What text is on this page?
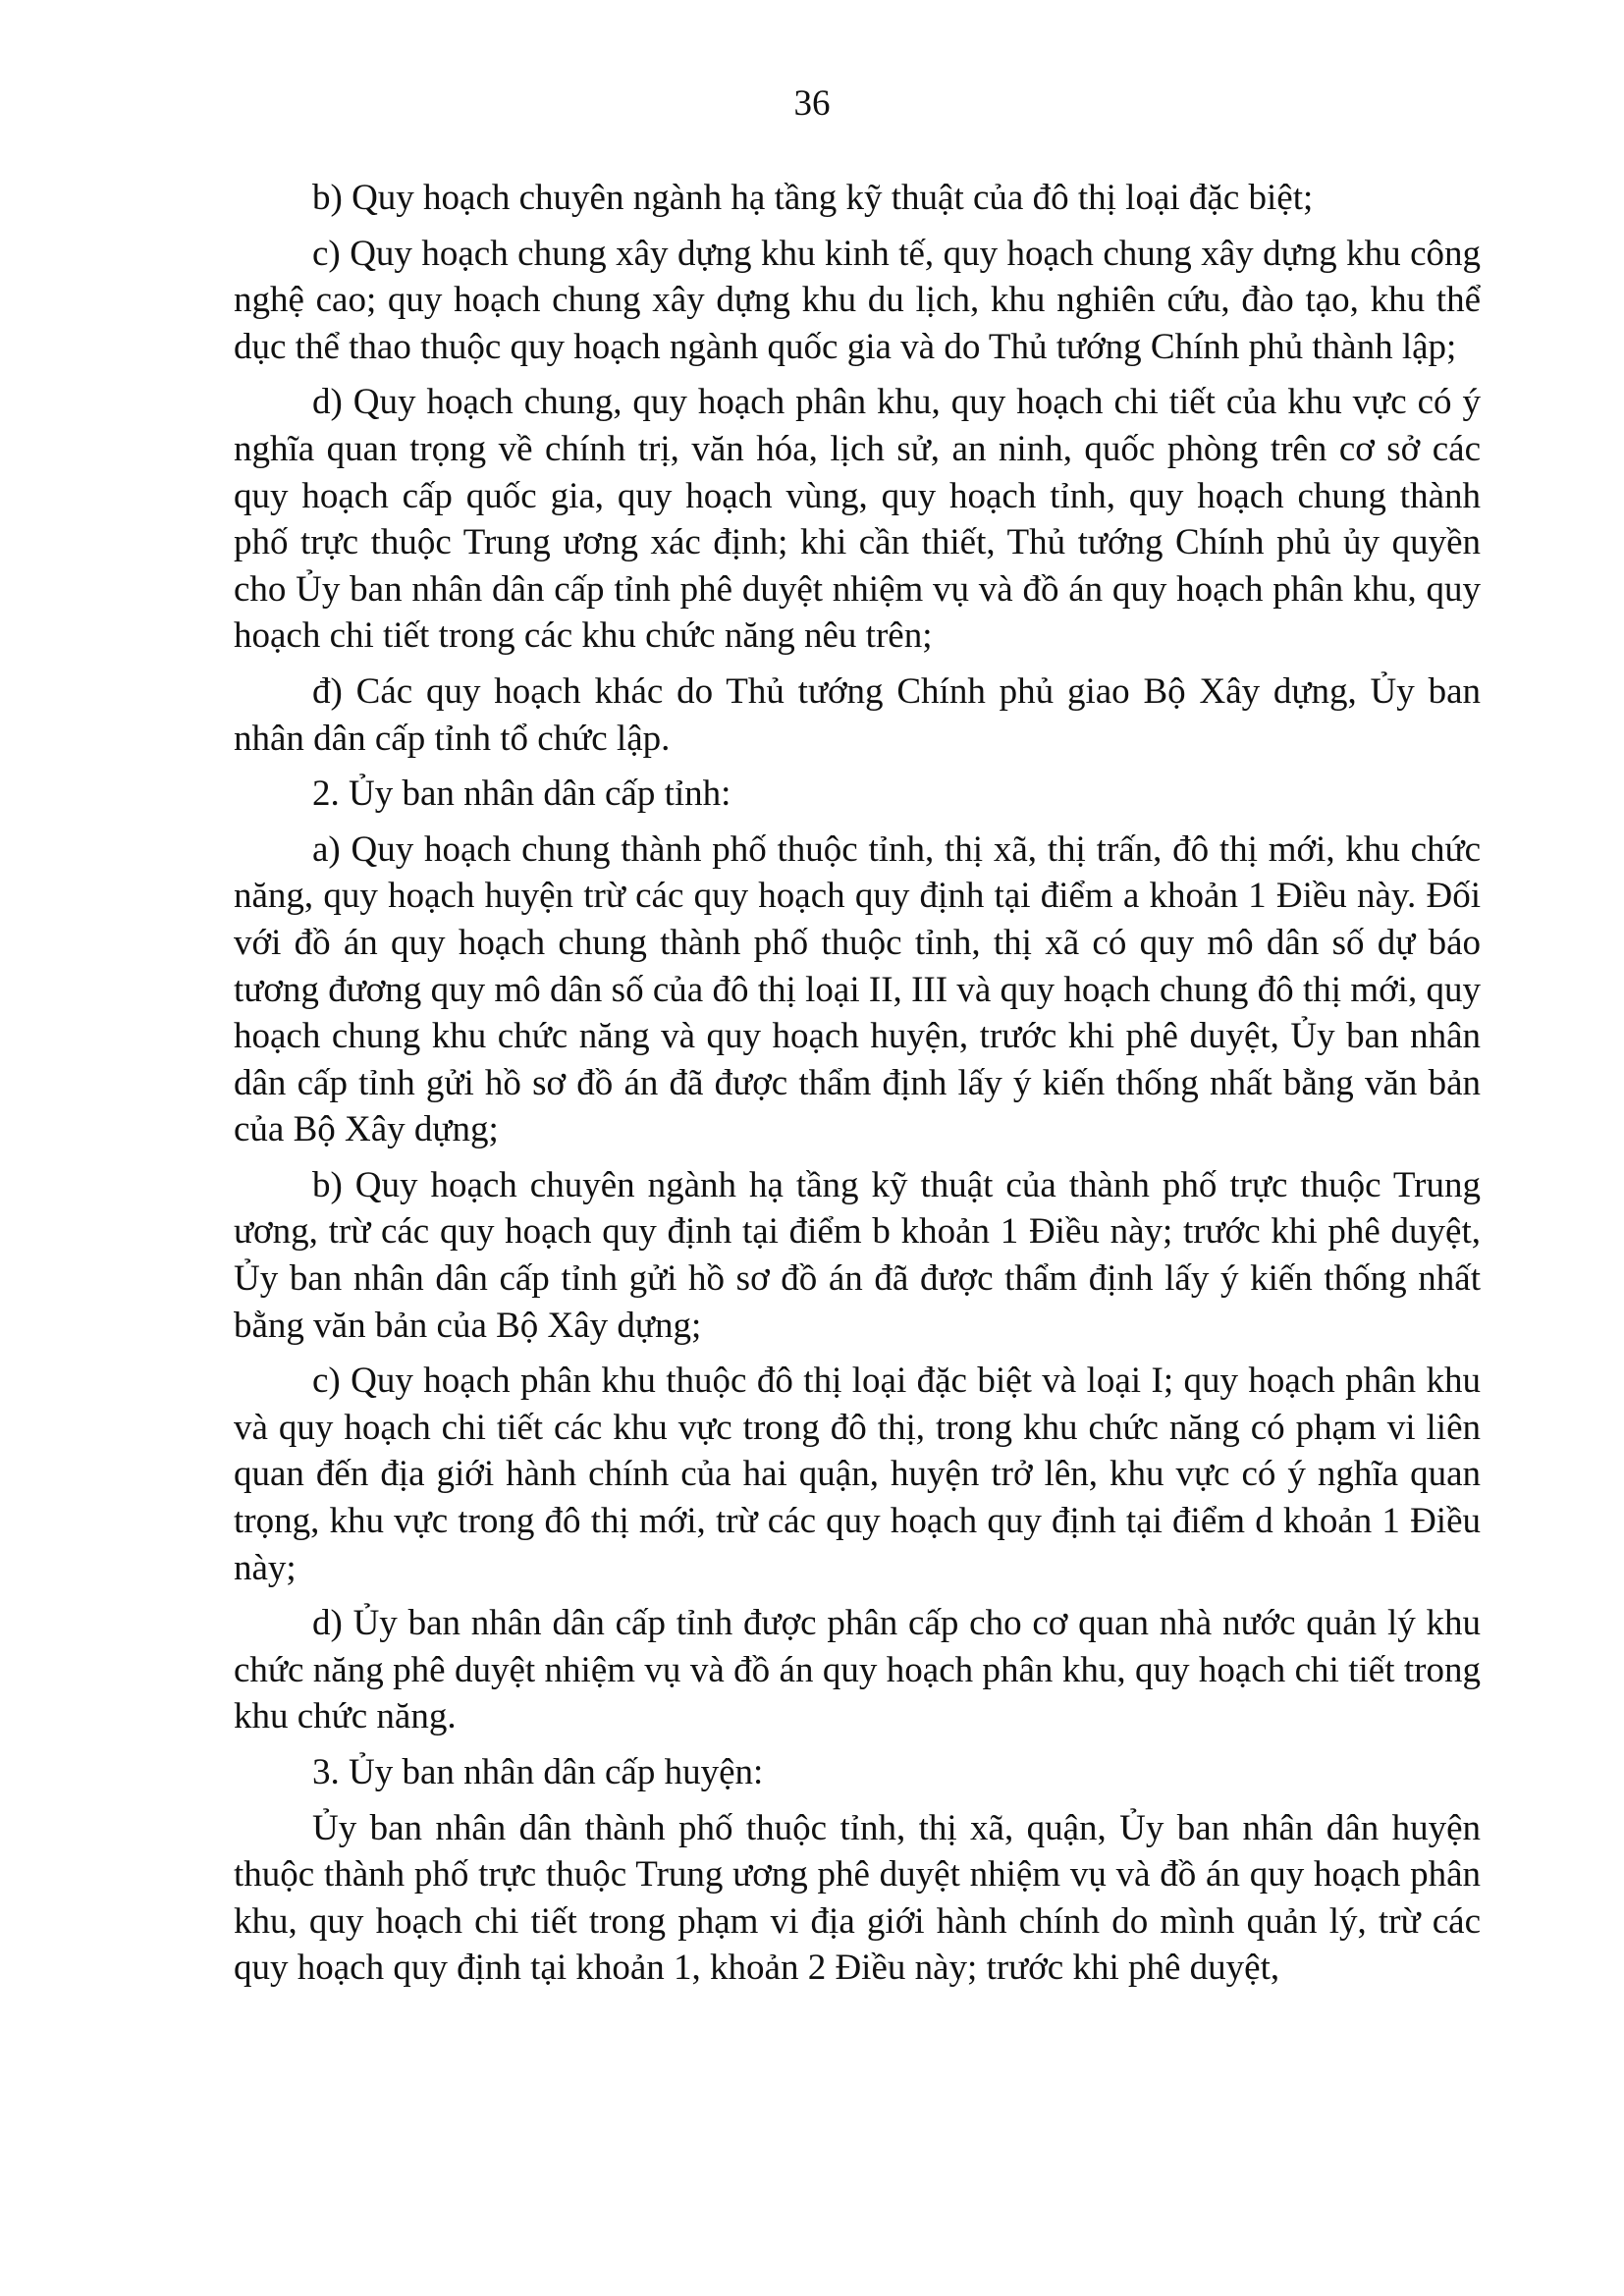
36

b) Quy hoạch chuyên ngành hạ tầng kỹ thuật của đô thị loại đặc biệt;

c) Quy hoạch chung xây dựng khu kinh tế, quy hoạch chung xây dựng khu công nghệ cao; quy hoạch chung xây dựng khu du lịch, khu nghiên cứu, đào tạo, khu thể dục thể thao thuộc quy hoạch ngành quốc gia và do Thủ tướng Chính phủ thành lập;

d) Quy hoạch chung, quy hoạch phân khu, quy hoạch chi tiết của khu vực có ý nghĩa quan trọng về chính trị, văn hóa, lịch sử, an ninh, quốc phòng trên cơ sở các quy hoạch cấp quốc gia, quy hoạch vùng, quy hoạch tỉnh, quy hoạch chung thành phố trực thuộc Trung ương xác định; khi cần thiết, Thủ tướng Chính phủ ủy quyền cho Ủy ban nhân dân cấp tỉnh phê duyệt nhiệm vụ và đồ án quy hoạch phân khu, quy hoạch chi tiết trong các khu chức năng nêu trên;

đ) Các quy hoạch khác do Thủ tướng Chính phủ giao Bộ Xây dựng, Ủy ban nhân dân cấp tỉnh tổ chức lập.

2. Ủy ban nhân dân cấp tỉnh:

a) Quy hoạch chung thành phố thuộc tỉnh, thị xã, thị trấn, đô thị mới, khu chức năng, quy hoạch huyện trừ các quy hoạch quy định tại điểm a khoản 1 Điều này. Đối với đồ án quy hoạch chung thành phố thuộc tỉnh, thị xã có quy mô dân số dự báo tương đương quy mô dân số của đô thị loại II, III và quy hoạch chung đô thị mới, quy hoạch chung khu chức năng và quy hoạch huyện, trước khi phê duyệt, Ủy ban nhân dân cấp tỉnh gửi hồ sơ đồ án đã được thẩm định lấy ý kiến thống nhất bằng văn bản của Bộ Xây dựng;

b) Quy hoạch chuyên ngành hạ tầng kỹ thuật của thành phố trực thuộc Trung ương, trừ các quy hoạch quy định tại điểm b khoản 1 Điều này; trước khi phê duyệt, Ủy ban nhân dân cấp tỉnh gửi hồ sơ đồ án đã được thẩm định lấy ý kiến thống nhất bằng văn bản của Bộ Xây dựng;

c) Quy hoạch phân khu thuộc đô thị loại đặc biệt và loại I; quy hoạch phân khu và quy hoạch chi tiết các khu vực trong đô thị, trong khu chức năng có phạm vi liên quan đến địa giới hành chính của hai quận, huyện trở lên, khu vực có ý nghĩa quan trọng, khu vực trong đô thị mới, trừ các quy hoạch quy định tại điểm d khoản 1 Điều này;

d) Ủy ban nhân dân cấp tỉnh được phân cấp cho cơ quan nhà nước quản lý khu chức năng phê duyệt nhiệm vụ và đồ án quy hoạch phân khu, quy hoạch chi tiết trong khu chức năng.

3. Ủy ban nhân dân cấp huyện:

Ủy ban nhân dân thành phố thuộc tỉnh, thị xã, quận, Ủy ban nhân dân huyện thuộc thành phố trực thuộc Trung ương phê duyệt nhiệm vụ và đồ án quy hoạch phân khu, quy hoạch chi tiết trong phạm vi địa giới hành chính do mình quản lý, trừ các quy hoạch quy định tại khoản 1, khoản 2 Điều này; trước khi phê duyệt,
